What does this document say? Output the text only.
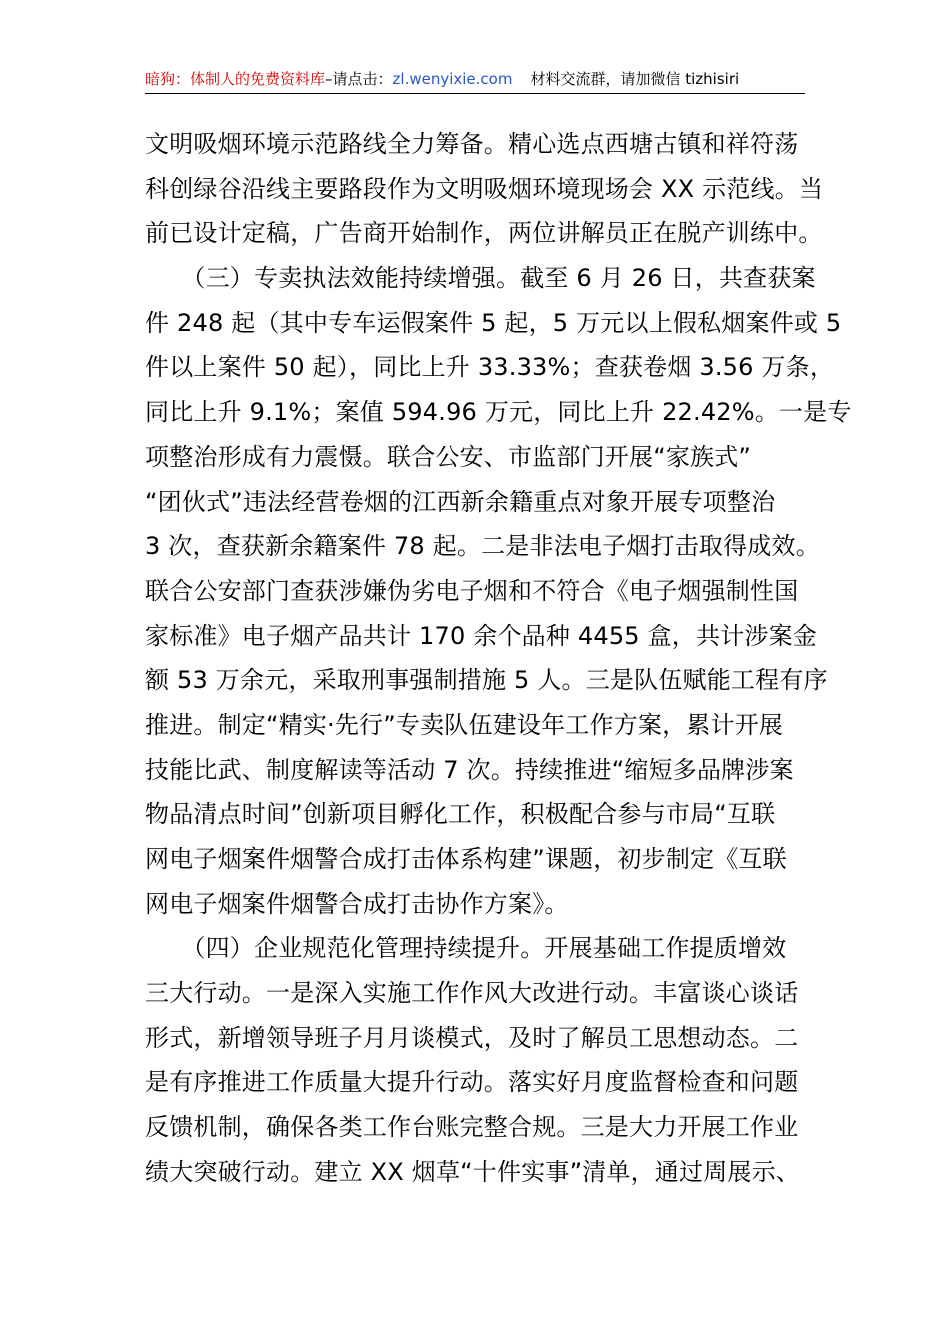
暗狗：体制人的免费资料库–请点击：zl.wenyixie.com 材料交流群，请加微信 tizhisiri
文明吸烟环境示范路线全力筹备。精心选点西塘古镇和祥符荡
科创绿谷沿线主要路段作为文明吸烟环境现场会 XX 示范线。当
前已设计定稿，广告商开始制作，两位讲解员正在脱产训练中。
　　（三）专卖执法效能持续增强。截至 6 月 26 日，共查获案
件 248 起（其中专车运假案件 5 起，5 万元以上假私烟案件或 5
件以上案件 50 起），同比上升 33.33%；查获卷烟 3.56 万条，
同比上升 9.1%；案值 594.96 万元，同比上升 22.42%。一是专
项整治形成有力震慑。联合公安、市监部门开展“家族式”
“团伙式”违法经营卷烟的江西新余籍重点对象开展专项整治
3 次，查获新余籍案件 78 起。二是非法电子烟打击取得成效。
联合公安部门查获涉嫌伪劣电子烟和不符合《电子烟强制性国
家标准》电子烟产品共计 170 余个品种 4455 盒，共计涉案金
额 53 万余元，采取刑事强制措施 5 人。三是队伍赋能工程有序
推进。制定“精实·先行”专卖队伍建设年工作方案，累计开展
技能比武、制度解读等活动 7 次。持续推进“缩短多品牌涉案
物品清点时间”创新项目孵化工作，积极配合参与市局“互联
网电子烟案件烟警合成打击体系构建”课题，初步制定《互联
网电子烟案件烟警合成打击协作方案》。
　　（四）企业规范化管理持续提升。开展基础工作提质增效
三大行动。一是深入实施工作作风大改进行动。丰富谈心谈话
形式，新增领导班子月月谈模式，及时了解员工思想动态。二
是有序推进工作质量大提升行动。落实好月度监督检查和问题
反馈机制，确保各类工作台账完整合规。三是大力开展工作业
绩大突破行动。建立 XX 烟草“十件实事”清单，通过周展示、
